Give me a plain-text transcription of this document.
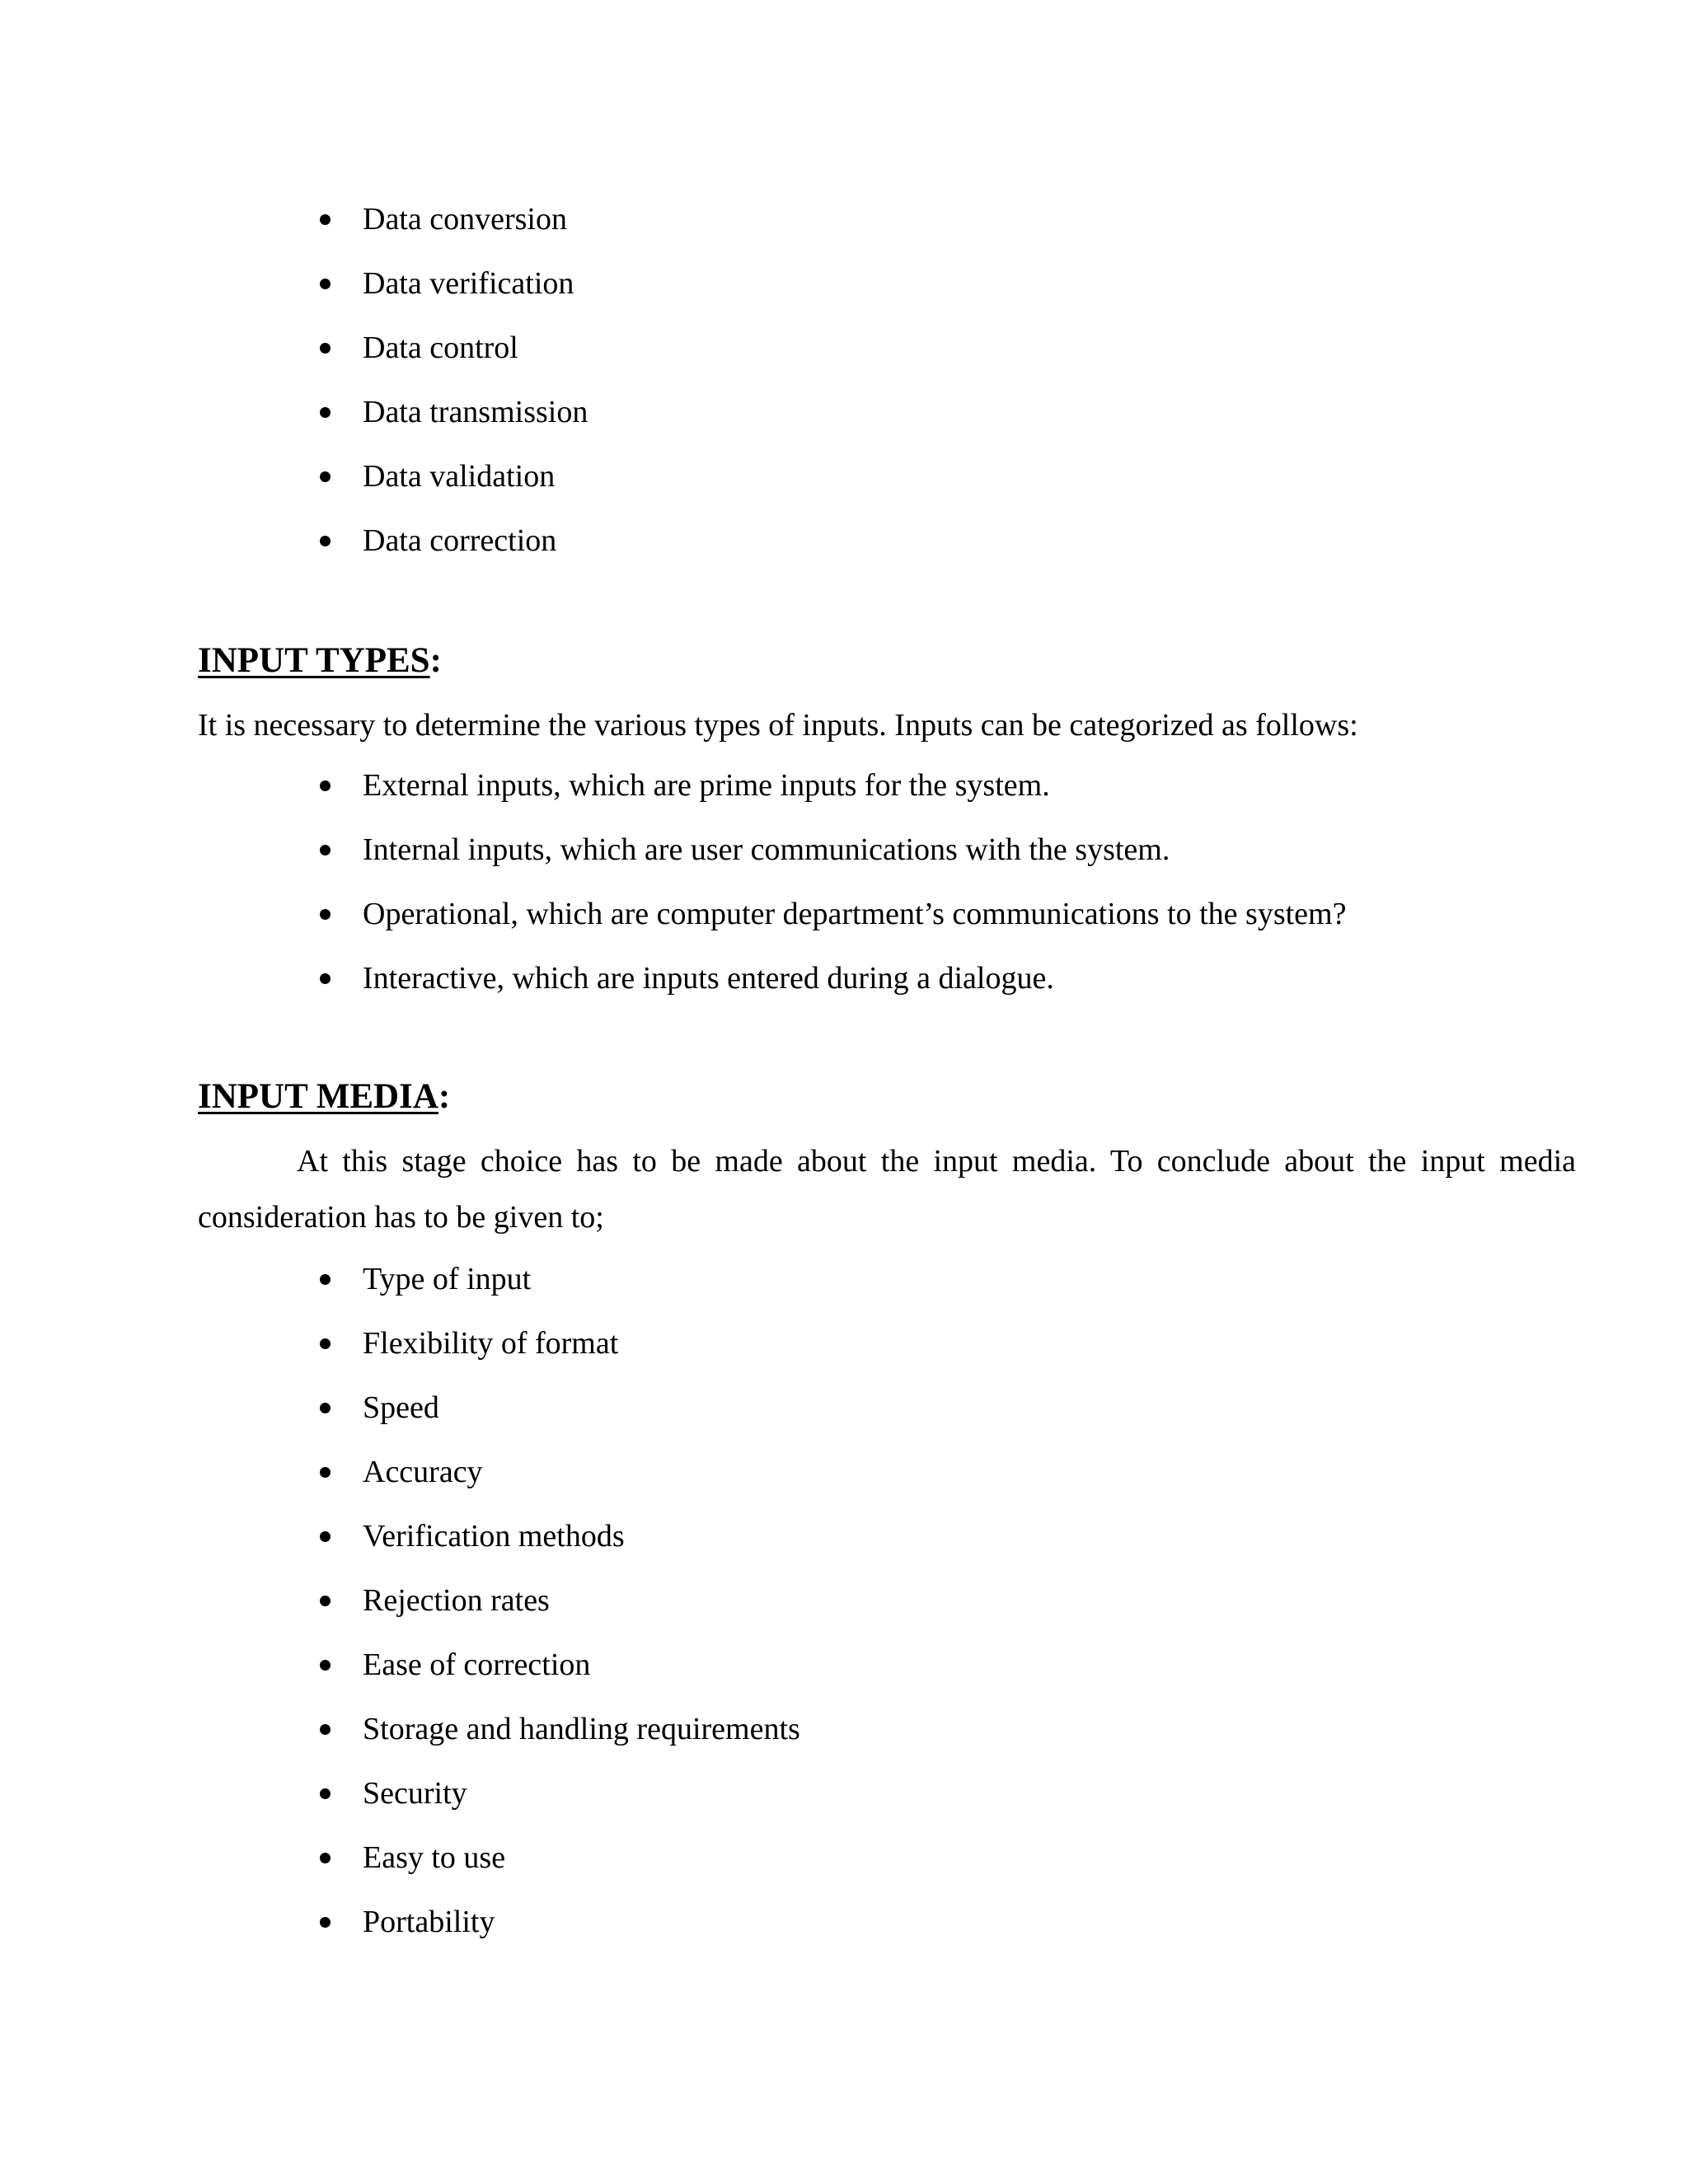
Data conversion
Data verification
Data control
Data transmission
Data validation
Data correction
INPUT TYPES:

It is necessary to determine the various types of inputs. Inputs can be categorized as follows:

External inputs, which are prime inputs for the system.
Internal inputs, which are user communications with the system.
Operational, which are computer department’s communications to the system?
Interactive, which are inputs entered during a dialogue.
INPUT MEDIA:
At this stage choice has to be made about the input media. To conclude about the input media
consideration has to be given to;
Type of input
Flexibility of format
Speed
Accuracy
Verification methods
Rejection rates
Ease of correction
Storage and handling requirements
Security
Easy to use
Portability
